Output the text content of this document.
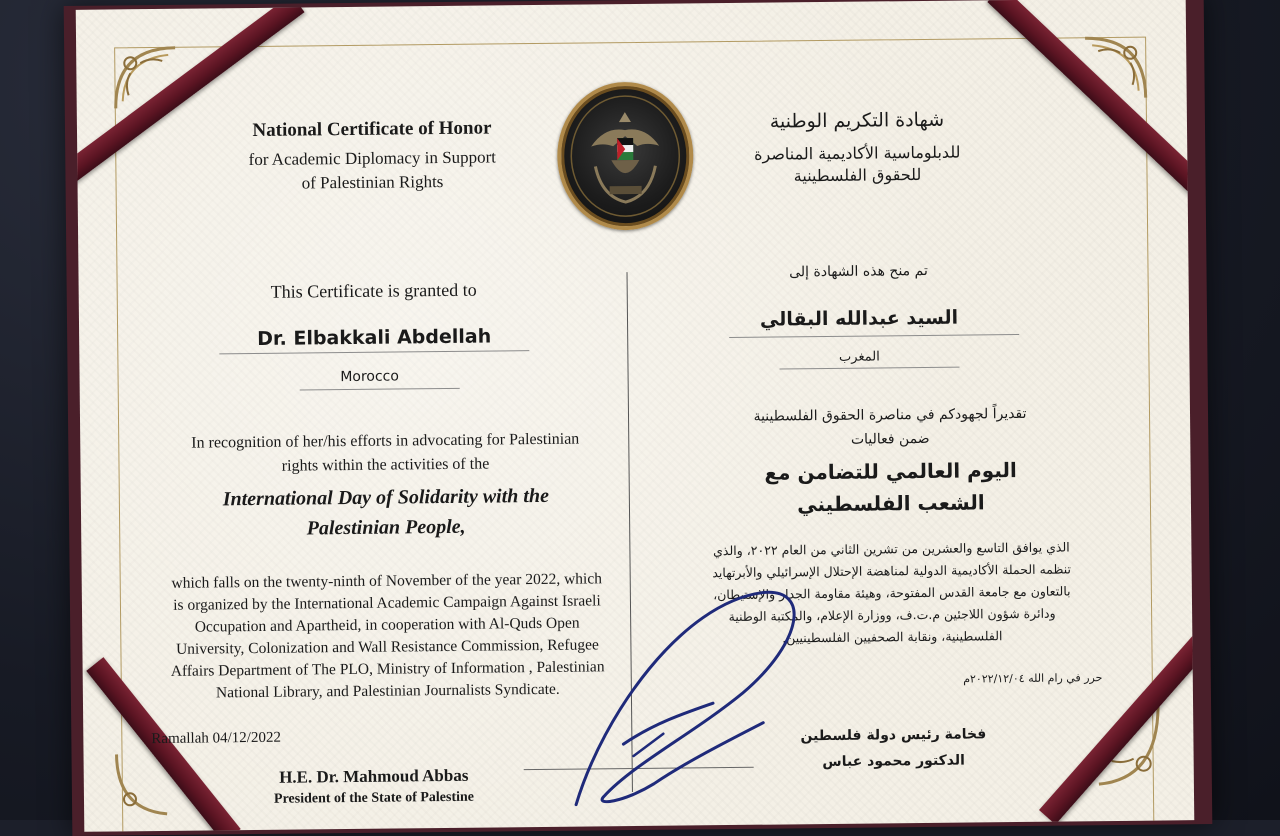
National Certificate of Honor
for Academic Diplomacy in Support
of Palestinian Rights
This Certificate is granted to
Dr. Elbakkali Abdellah
Morocco
In recognition of her/his efforts in advocating for Palestinian
rights within the activities of the
International Day of Solidarity with the
Palestinian People,
which falls on the twenty-ninth of November of the year 2022, which
is organized by the International Academic Campaign Against Israeli
Occupation and Apartheid, in cooperation with Al-Quds Open
University, Colonization and Wall Resistance Commission, Refugee
Affairs Department of The PLO, Ministry of Information , Palestinian
National Library, and Palestinian Journalists Syndicate.
Ramallah 04/12/2022
H.E. Dr. Mahmoud Abbas
President of the State of Palestine
شهادة التكريم الوطنية
للدبلوماسية الأكاديمية المناصرة
للحقوق الفلسطينية
تم منح هذه الشهادة إلى
السيد عبدالله البقالي
المغرب
تقديراً لجهودكم في مناصرة الحقوق الفلسطينية
ضمن فعاليات
اليوم العالمي للتضامن مع
الشعب الفلسطيني
الذي يوافق التاسع والعشرين من تشرين الثاني من العام ٢٠٢٢، والذي
تنظمه الحملة الأكاديمية الدولية لمناهضة الإحتلال الإسرائيلي والأبرتهايد
بالتعاون مع جامعة القدس المفتوحة، وهيئة مقاومة الجدار والإستيطان،
ودائرة شؤون اللاجئين م.ت.ف، ووزارة الإعلام، والمكتبة الوطنية
الفلسطينية، ونقابة الصحفيين الفلسطينيين.
حرر في رام الله ٢٠٢٢/١٢/٠٤م
فخامة رئيس دولة فلسطين
الدكتور محمود عباس
